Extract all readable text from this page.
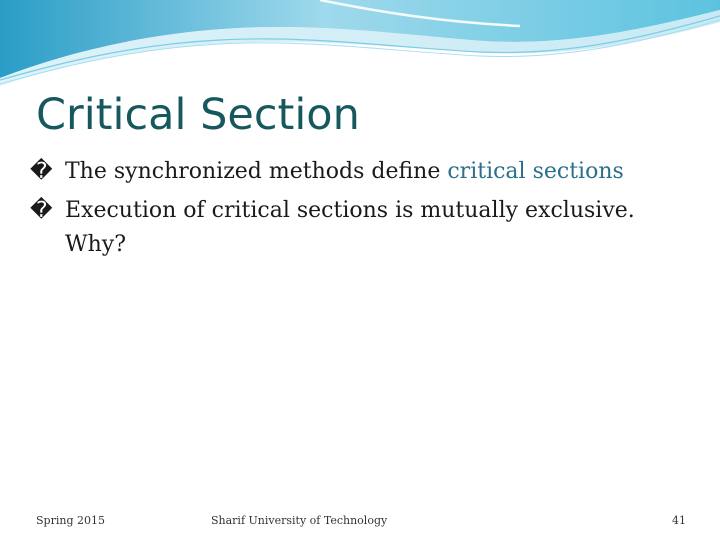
Critical Section

� The synchronized methods define critical sections

� Execution of critical sections is mutually exclusive. Why?

Spring 2015	Sharif University of Technology	41
